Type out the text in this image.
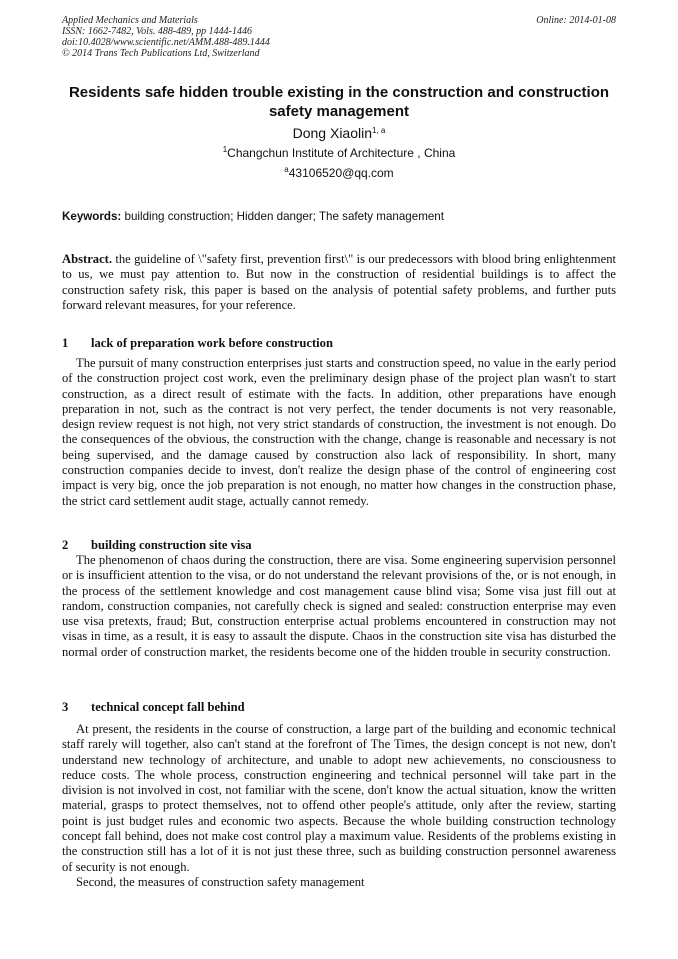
Applied Mechanics and Materials	Online: 2014-01-08
ISSN: 1662-7482, Vols. 488-489, pp 1444-1446
doi:10.4028/www.scientific.net/AMM.488-489.1444
© 2014 Trans Tech Publications Ltd, Switzerland
Residents safe hidden trouble existing in the construction and construction safety management
Dong Xiaolin$^{1, a}$
$^1$Changchun Institute of Architecture , China
$^a$43106520@qq.com
Keywords: building construction; Hidden danger; The safety management
Abstract. the guideline of \"safety first, prevention first\" is our predecessors with blood bring enlightenment to us, we must pay attention to. But now in the construction of residential buildings is to affect the construction safety risk, this paper is based on the analysis of potential safety problems, and further puts forward relevant measures, for your reference.
1 lack of preparation work before construction
The pursuit of many construction enterprises just starts and construction speed, no value in the early period of the construction project cost work, even the preliminary design phase of the project plan wasn't to start construction, as a direct result of estimate with the facts. In addition, other preparations have enough preparation in not, such as the contract is not very perfect, the tender documents is not very reasonable, design review request is not high, not very strict standards of construction, the investment is not enough. Do the consequences of the obvious, the construction with the change, change is reasonable and necessary is not being supervised, and the damage caused by construction also lack of responsibility. In short, many construction companies decide to invest, don't realize the design phase of the control of engineering cost impact is very big, once the job preparation is not enough, no matter how changes in the construction phase, the strict card settlement audit stage, actually cannot remedy.
2 building construction site visa
The phenomenon of chaos during the construction, there are visa. Some engineering supervision personnel or is insufficient attention to the visa, or do not understand the relevant provisions of the, or is not enough, in the process of the settlement knowledge and cost management cause blind visa; Some visa just fill out at random, construction companies, not carefully check is signed and sealed: construction enterprise may even use visa pretexts, fraud; But, construction enterprise actual problems encountered in construction may not visas in time, as a result, it is easy to assault the dispute. Chaos in the construction site visa has disturbed the normal order of construction market, the residents become one of the hidden trouble in security construction.
3 technical concept fall behind
At present, the residents in the course of construction, a large part of the building and economic technical staff rarely will together, also can't stand at the forefront of The Times, the design concept is not new, don't understand new technology of architecture, and unable to adopt new achievements, no consciousness to reduce costs. The whole process, construction engineering and technical personnel will take part in the division is not involved in cost, not familiar with the scene, don't know the actual situation, know the written material, grasps to protect themselves, not to offend other people's attitude, only after the review, starting point is just budget rules and economic two aspects. Because the whole building construction technology concept fall behind, does not make cost control play a maximum value. Residents of the problems existing in the construction still has a lot of it is not just these three, such as building construction personnel awareness of security is not enough.
Second, the measures of construction safety management
